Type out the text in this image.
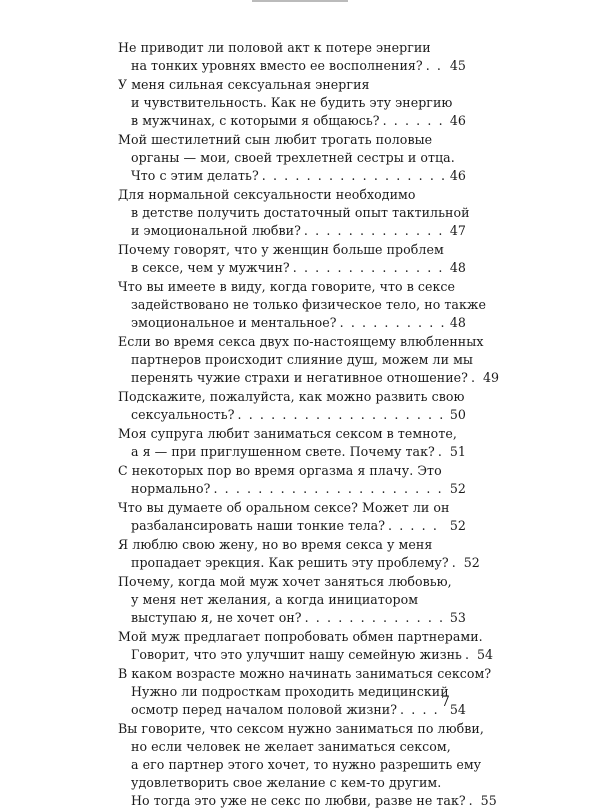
Не приводит ли половой акт к потере энергии
на тонких уровнях вместо ее восполнения? . . . 45
У меня сильная сексуальная энергия
и чувствительность. Как не будить эту энергию
в мужчинах, с которыми я общаюсь? . . .	46
Мой шестилетний сын любит трогать половые
органы — мои, своей трехлетней сестры и отца.
Что с этим делать? . . .	46
Для нормальной сексуальности необходимо
в детстве получить достаточный опыт тактильной
и эмоциональной любви? . . .	47
Почему говорят, что у женщин больше проблем
в сексе, чем у мужчин? . . .	48
Что вы имеете в виду, когда говорите, что в сексе
задействовано не только физическое тело, но также
эмоциональное и ментальное? . . .	48
Если во время секса двух по-настоящему влюбленных
партнеров происходит слияние душ, можем ли мы
перенять чужие страхи и негативное отношение? . . . 49
Подскажите, пожалуйста, как можно развить свою
сексуальность? . . .	50
Моя супруга любит заниматься сексом в темноте,
а я — при приглушенном свете. Почему так? . . . 51
С некоторых пор во время оргазма я плачу. Это
нормально? . . .	52
Что вы думаете об оральном сексе? Может ли он
разбалансировать наши тонкие тела? . . .	52
Я люблю свою жену, но во время секса у меня
пропадает эрекция. Как решить эту проблему? . . . 52
Почему, когда мой муж хочет заняться любовью,
у меня нет желания, а когда инициатором
выступаю я, не хочет он? . . .	53
Мой муж предлагает попробовать обмен партнерами.
Говорит, что это улучшит нашу семейную жизнь . . . 54
В каком возрасте можно начинать заниматься сексом?
Нужно ли подросткам проходить медицинский
осмотр перед началом половой жизни? . . .	54
Вы говорите, что сексом нужно заниматься по любви,
но если человек не желает заниматься сексом,
а его партнер этого хочет, то нужно разрешить ему
удовлетворить свое желание с кем-то другим.
Но тогда это уже не секс по любви, разве не так? . . . 55
7
